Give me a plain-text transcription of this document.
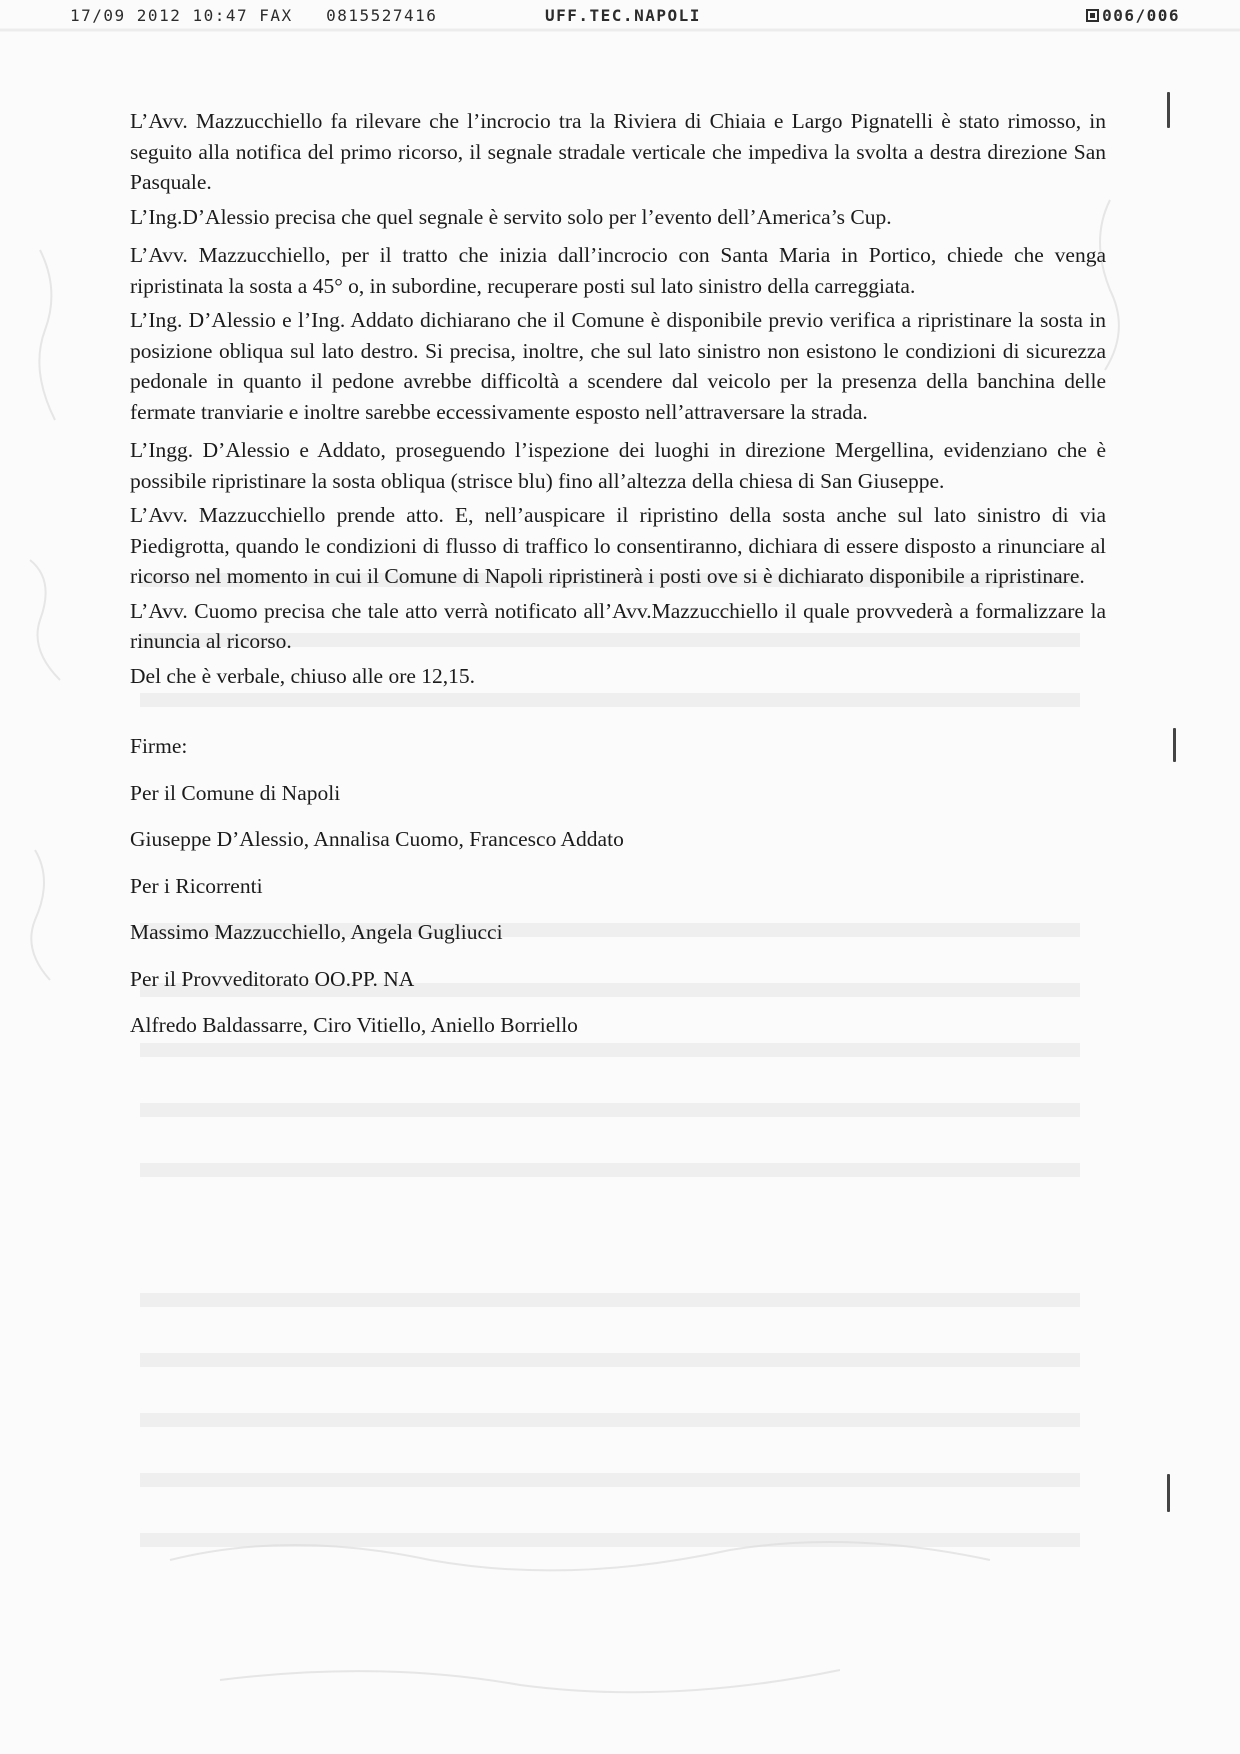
17/09 2012 10:47 FAX 0815527416	UFF.TEC.NAPOLI	006/006

L’Avv. Mazzucchiello fa rilevare che l’incrocio tra la Riviera di Chiaia e Largo Pignatelli è stato rimosso, in seguito alla notifica del primo ricorso, il segnale stradale verticale che impediva la svolta a destra direzione San Pasquale.

L’Ing.D’Alessio precisa che quel segnale è servito solo per l’evento dell’America’s Cup.

L’Avv. Mazzucchiello, per il tratto che inizia dall’incrocio con Santa Maria in Portico, chiede che venga ripristinata la sosta a 45° o, in subordine, recuperare posti sul lato sinistro della carreggiata.

L’Ing. D’Alessio e l’Ing. Addato dichiarano che il Comune è disponibile previo verifica a ripristinare la sosta in posizione obliqua sul lato destro. Si precisa, inoltre, che sul lato sinistro non esistono le condizioni di sicurezza pedonale in quanto il pedone avrebbe difficoltà a scendere dal veicolo per la presenza della banchina delle fermate tranviarie e inoltre sarebbe eccessivamente esposto nell’attraversare la strada.

L’Ingg. D’Alessio e Addato, proseguendo l’ispezione dei luoghi in direzione Mergellina, evidenziano che è possibile ripristinare la sosta obliqua (strisce blu) fino all’altezza della chiesa di San Giuseppe.

L’Avv. Mazzucchiello prende atto. E, nell’auspicare il ripristino della sosta anche sul lato sinistro di via Piedigrotta, quando le condizioni di flusso di traffico lo consentiranno, dichiara di essere disposto a rinunciare al ricorso nel momento in cui il Comune di Napoli ripristinerà i posti ove si è dichiarato disponibile a ripristinare.

L’Avv. Cuomo precisa che tale atto verrà notificato all’Avv.Mazzucchiello il quale provvederà a formalizzare la rinuncia al ricorso.

Del che è verbale, chiuso alle ore 12,15.

Firme:

Per il Comune di Napoli

Giuseppe D’Alessio, Annalisa Cuomo, Francesco Addato

Per i Ricorrenti

Massimo Mazzucchiello, Angela Gugliucci

Per il Provveditorato OO.PP. NA

Alfredo Baldassarre, Ciro Vitiello, Aniello Borriello
